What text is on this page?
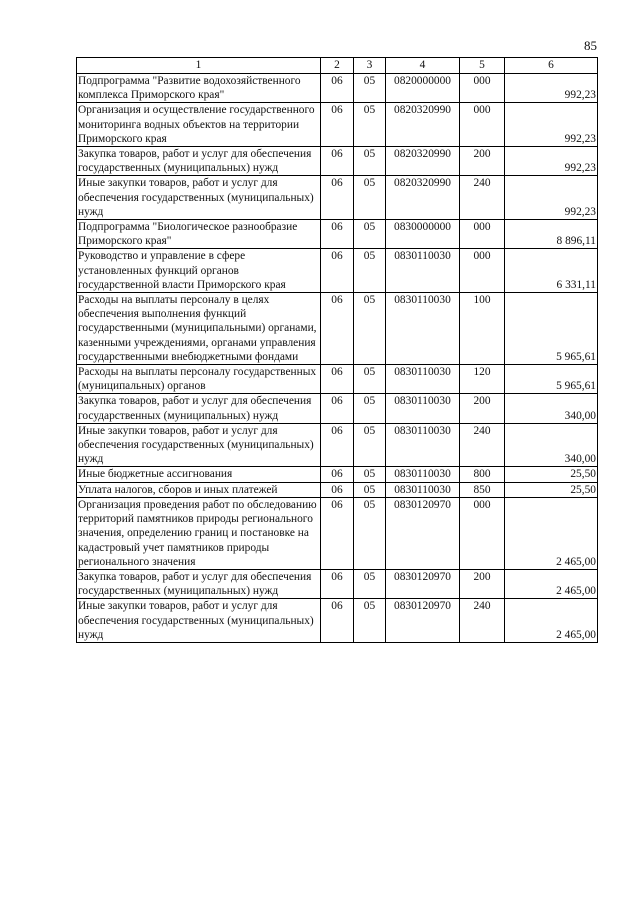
85
1	2	3	4	5	6
Подпрограмма "Развитие водохозяйственного комплекса Приморского края"	06	05	0820000000	000	992,23
Организация и осуществление государственного мониторинга водных объектов на территории Приморского края	06	05	0820320990	000	992,23
Закупка товаров, работ и услуг для обеспечения государственных (муниципальных) нужд	06	05	0820320990	200	992,23
Иные закупки товаров, работ и услуг для обеспечения государственных (муниципальных) нужд	06	05	0820320990	240	992,23
Подпрограмма "Биологическое разнообразие Приморского края"	06	05	0830000000	000	8 896,11
Руководство и управление в сфере установленных функций органов государственной власти Приморского края	06	05	0830110030	000	6 331,11
Расходы на выплаты персоналу в целях обеспечения выполнения функций государственными (муниципальными) органами, казенными учреждениями, органами управления государственными внебюджетными фондами	06	05	0830110030	100	5 965,61
Расходы на выплаты персоналу государственных (муниципальных) органов	06	05	0830110030	120	5 965,61
Закупка товаров, работ и услуг для обеспечения государственных (муниципальных) нужд	06	05	0830110030	200	340,00
Иные закупки товаров, работ и услуг для обеспечения государственных (муниципальных) нужд	06	05	0830110030	240	340,00
Иные бюджетные ассигнования	06	05	0830110030	800	25,50
Уплата налогов, сборов и иных платежей	06	05	0830110030	850	25,50
Организация проведения работ по обследованию территорий памятников природы регионального значения, определению границ и постановке на кадастровый учет памятников природы регионального значения	06	05	0830120970	000	2 465,00
Закупка товаров, работ и услуг для обеспечения государственных (муниципальных) нужд	06	05	0830120970	200	2 465,00
Иные закупки товаров, работ и услуг для обеспечения государственных (муниципальных) нужд	06	05	0830120970	240	2 465,00
